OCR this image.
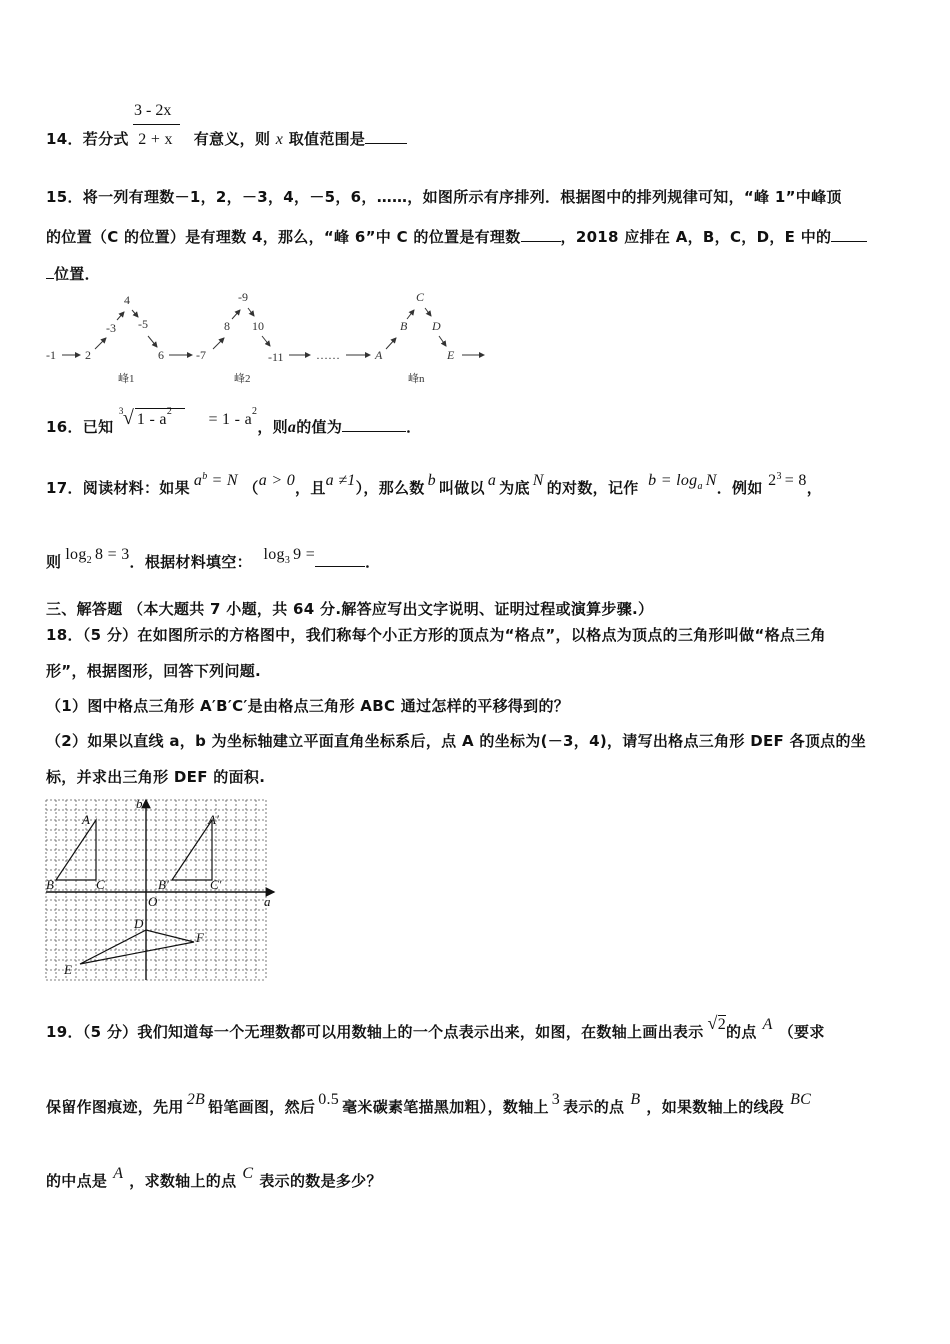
3 - 2x
14．若分式 2 + x 有意义，则 x 取值范围是
15．将一列有理数－1，2，－3，4，－5，6，……，如图所示有序排列．根据图中的排列规律可知，“峰 1”中峰顶
的位置（C 的位置）是有理数 4，那么，“峰 6”中 C 的位置是有理数	，2018 应排在 A，B，C，D，E 中的
位置．
-1 2
-3
4
-5
6
峰1
-7
8
-9
10
-11
峰2
……	A
B
C
D
E
峰n
16．已知
3 √ $1 - a^2 = 1 - a^2$，则a的值为	．
17．阅读材料：如果 $a^b = N$ （a > 0，且a ≠1），那么数 b 叫做以 a 为底 N 的对数，记作 $b = \log_a N$．例如 $2^3 = 8$，
则 $\log_2 8 = 3$．根据材料填空： $\log_3 9$ =	．
三、解答题 （本大题共 7 小题，共 64 分.解答应写出文字说明、证明过程或演算步骤.）
18．（5 分）在如图所示的方格图中，我们称每个小正方形的顶点为“格点”，以格点为顶点的三角形叫做“格点三角
形”，根据图形，回答下列问题.
（1）图中格点三角形 A′B′C′是由格点三角形 ABC 通过怎样的平移得到的？
（2）如果以直线 a，b 为坐标轴建立平面直角坐标系后，点 A 的坐标为(－3，4)，请写出格点三角形 DEF 各顶点的坐
标，并求出三角形 DEF 的面积.
A
B	C
A′
B′	C′
D
E
F
O	a
b
19．（5 分）我们知道每一个无理数都可以用数轴上的一个点表示出来，如图，在数轴上画出表示 √2的点 A （要求
保留作图痕迹，先用 2B 铅笔画图，然后 0.5 毫米碳素笔描黑加粗），数轴上 3 表示的点 B ，如果数轴上的线段 BC
的中点是 A ，求数轴上的点 C 表示的数是多少？
